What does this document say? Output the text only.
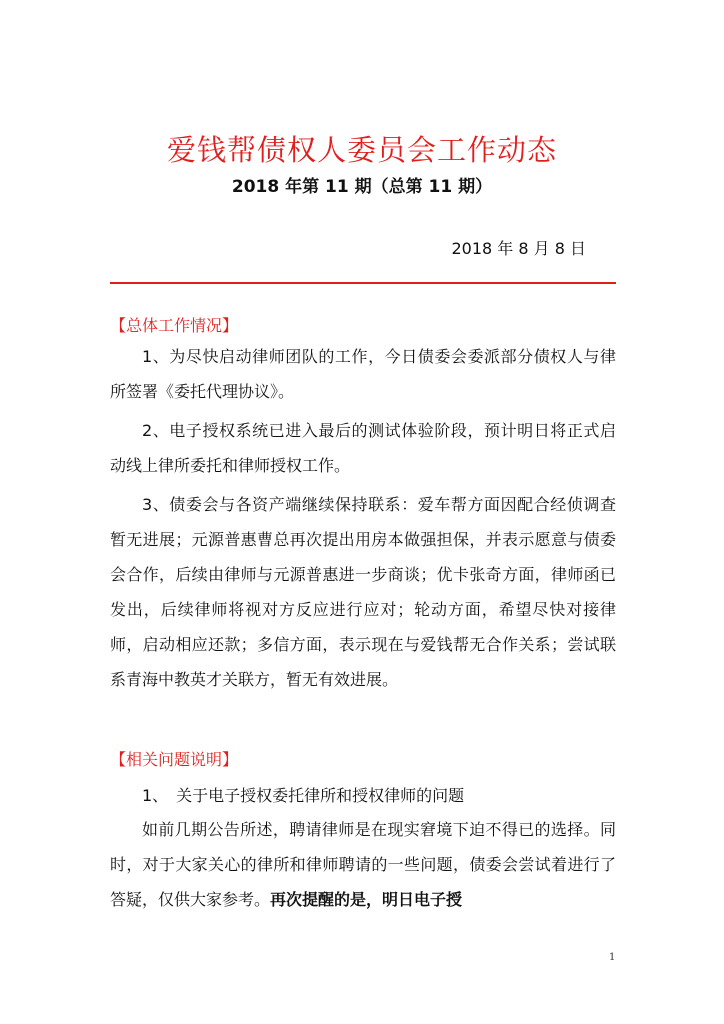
爱钱帮债权人委员会工作动态
2018 年第 11 期（总第 11 期）
2018 年 8 月 8 日
【总体工作情况】
1、为尽快启动律师团队的工作，今日债委会委派部分债权人与律所签署《委托代理协议》。
2、电子授权系统已进入最后的测试体验阶段，预计明日将正式启动线上律所委托和律师授权工作。
3、债委会与各资产端继续保持联系：爱车帮方面因配合经侦调查暂无进展；元源普惠曹总再次提出用房本做强担保，并表示愿意与债委会合作，后续由律师与元源普惠进一步商谈；优卡张奇方面，律师函已发出，后续律师将视对方反应进行应对；轮动方面，希望尽快对接律师，启动相应还款；多信方面，表示现在与爱钱帮无合作关系；尝试联系青海中教英才关联方，暂无有效进展。
【相关问题说明】
1、　关于电子授权委托律所和授权律师的问题
如前几期公告所述，聘请律师是在现实窘境下迫不得已的选择。同时，对于大家关心的律所和律师聘请的一些问题，债委会尝试着进行了答疑，仅供大家参考。再次提醒的是，明日电子授
1
